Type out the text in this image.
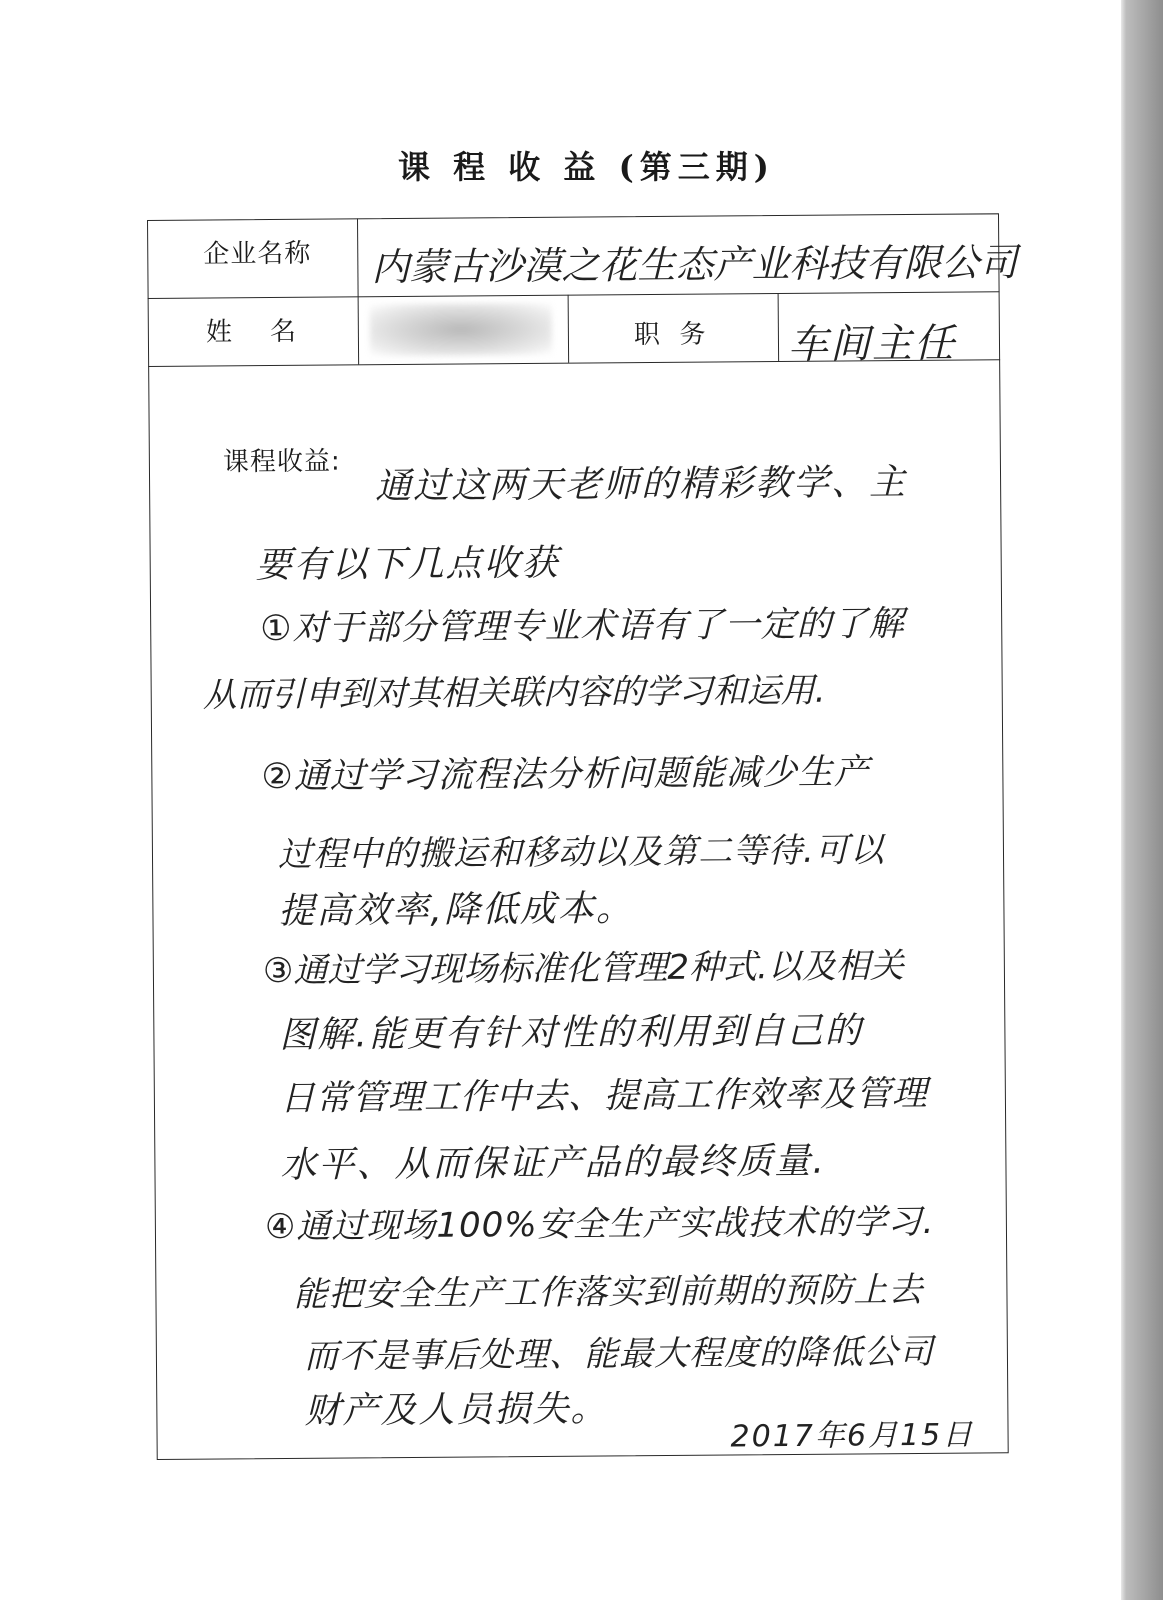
课 程 收 益 (第三期)
企业名称 内蒙古沙漠之花生态产业科技有限公司
姓    名	职  务 车间主任
课程收益:
通过这两天老师的精彩教学、主
要有以下几点收获
①对于部分管理专业术语有了一定的了解
从而引申到对其相关联内容的学习和运用.
②通过学习流程法分析问题能减少生产
过程中的搬运和移动以及第二等待.可以
提高效率,降低成本。
③通过学习现场标准化管理2种式.以及相关
图解.能更有针对性的利用到自己的
日常管理工作中去、提高工作效率及管理
水平、从而保证产品的最终质量.
④通过现场100%安全生产实战技术的学习.
能把安全生产工作落实到前期的预防上去
而不是事后处理、能最大程度的降低公司
财产及人员损失。
2017年6月15日
